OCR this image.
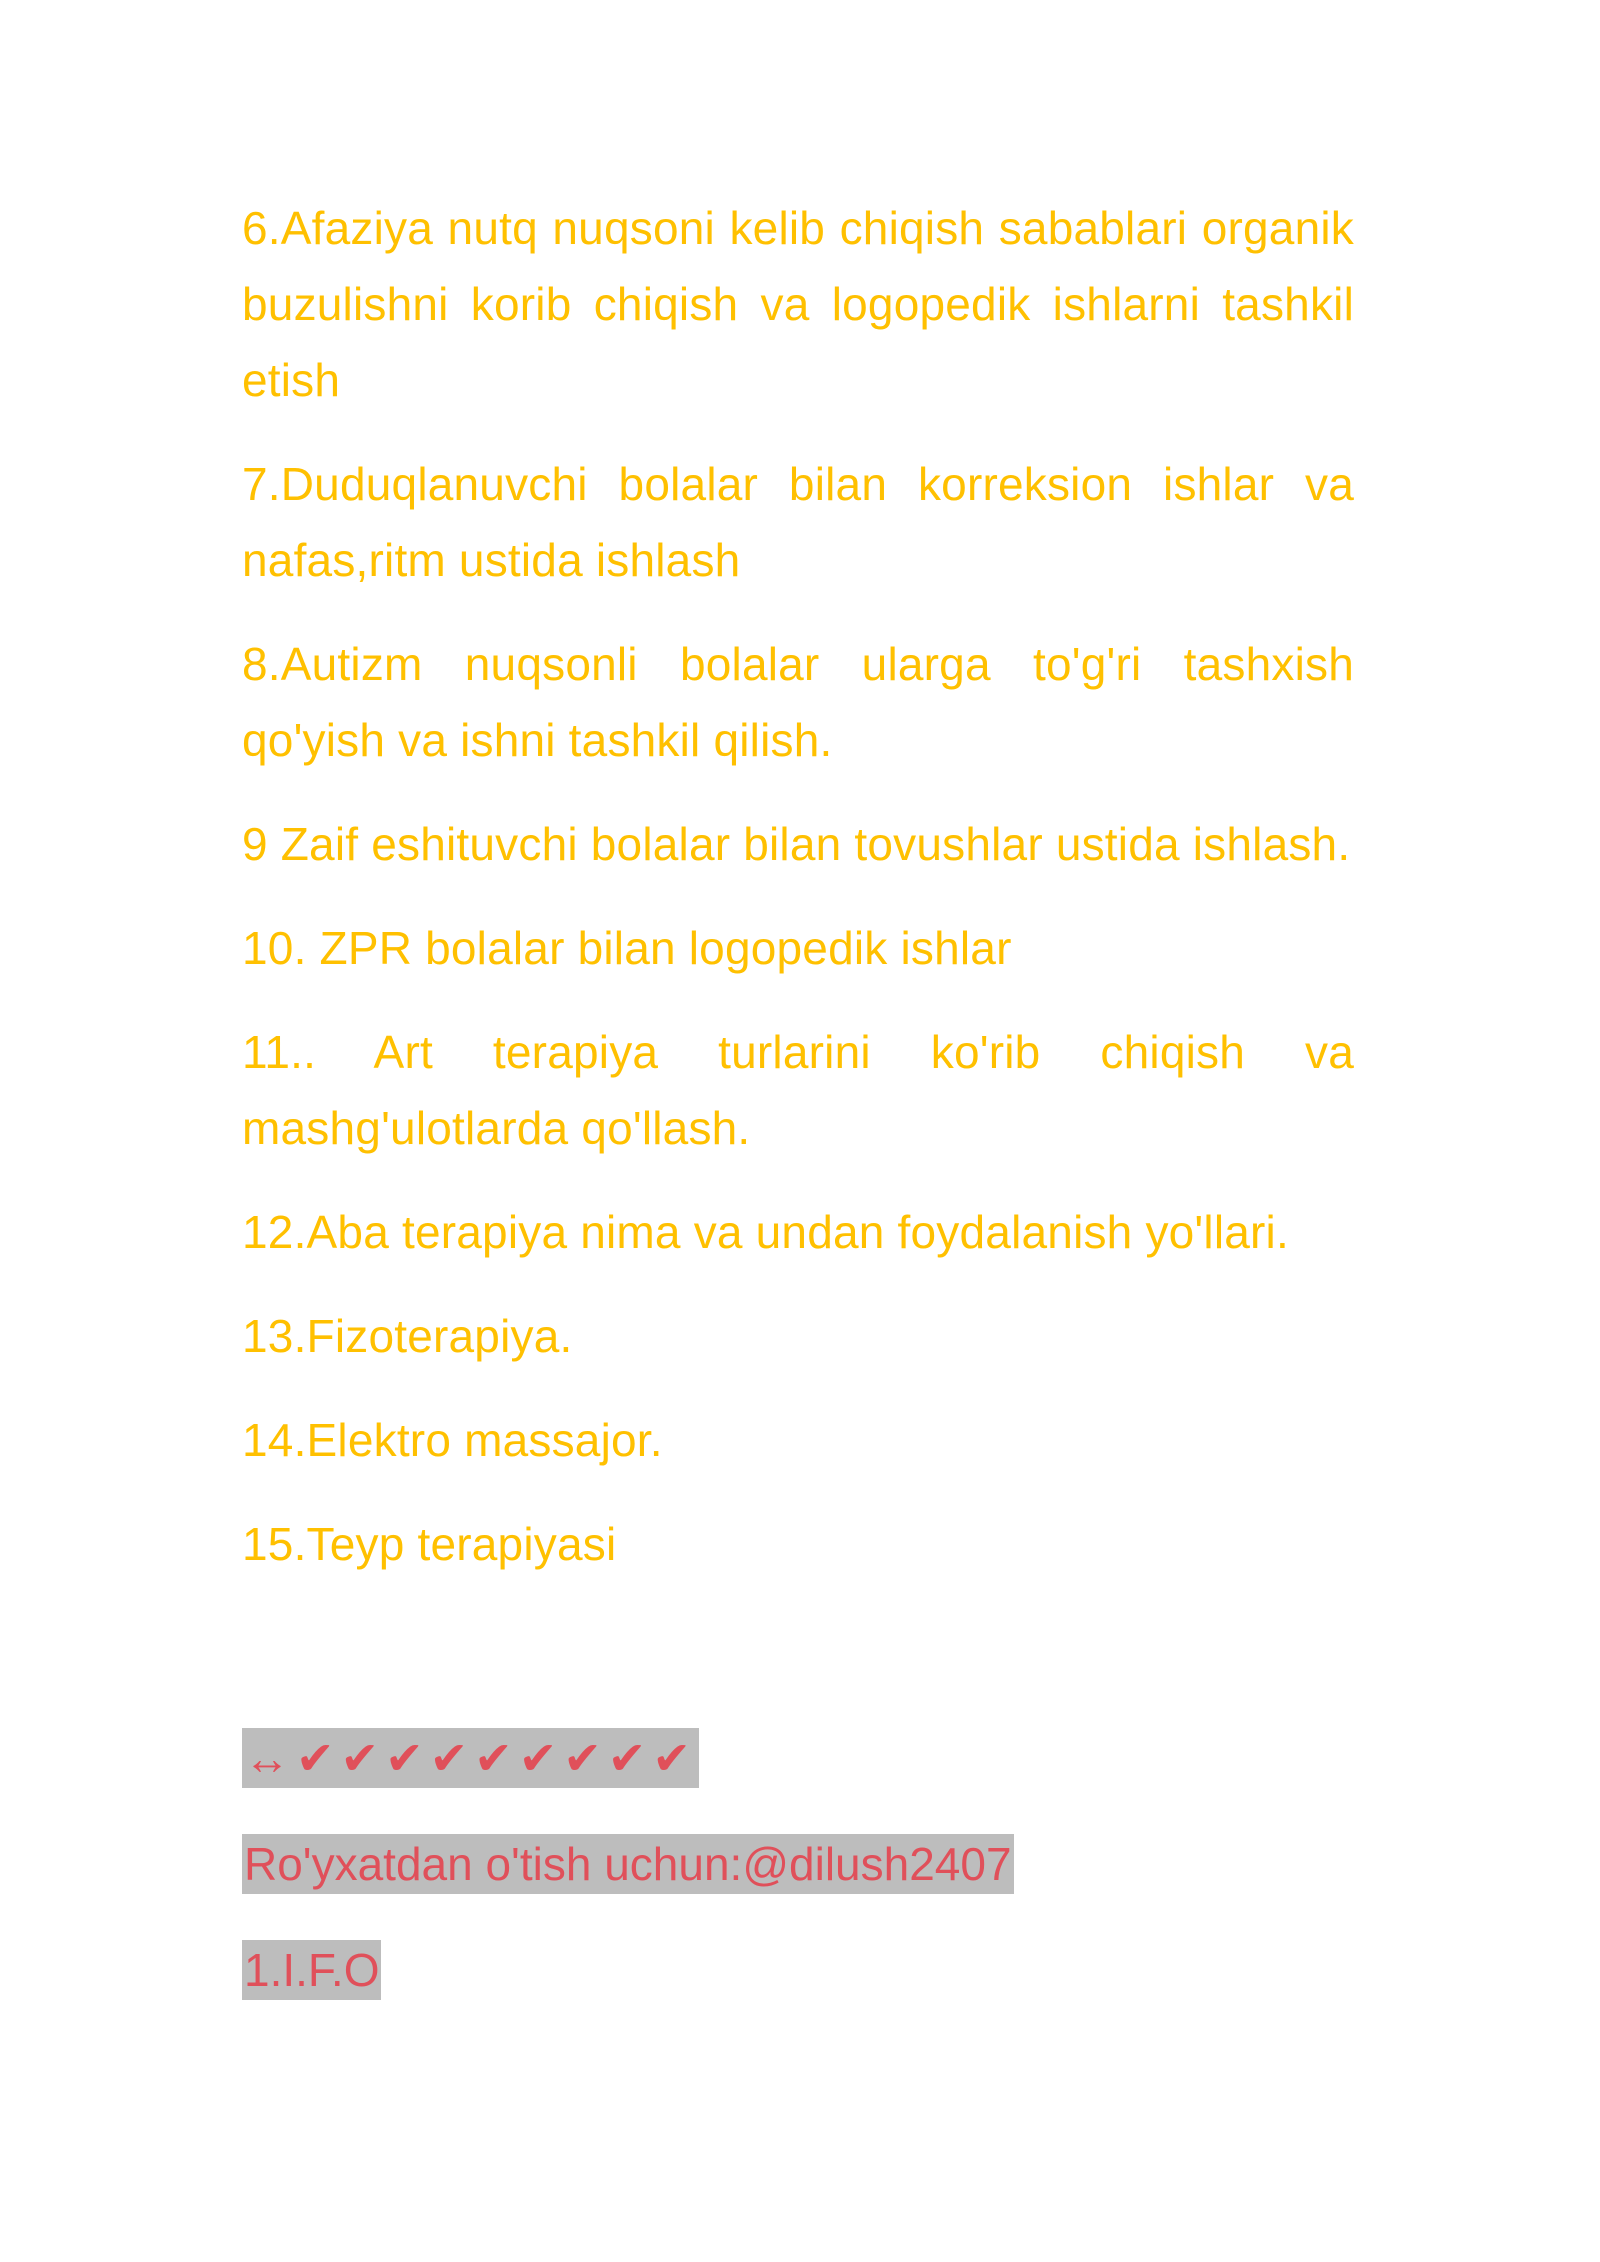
6.Afaziya nutq nuqsoni kelib chiqish sabablari organik buzulishni korib chiqish va logopedik ishlarni tashkil etish

7.Duduqlanuvchi bolalar bilan korreksion ishlar va nafas,ritm ustida ishlash

8.Autizm nuqsonli bolalar ularga to'g'ri tashxish qo'yish va ishni tashkil qilish.

9 Zaif eshituvchi bolalar bilan tovushlar ustida ishlash.

10. ZPR bolalar bilan logopedik ishlar

11.. Art terapiya turlarini ko'rib chiqish va mashg'ulotlarda qo'llash.

12.Aba terapiya nima va undan foydalanish yo'llari.

13.Fizoterapiya.

14.Elektro massajor.

15.Teyp terapiyasi

↔✔✔✔✔✔✔✔✔✔

Ro'yxatdan o'tish uchun:@dilush2407

1.I.F.O
